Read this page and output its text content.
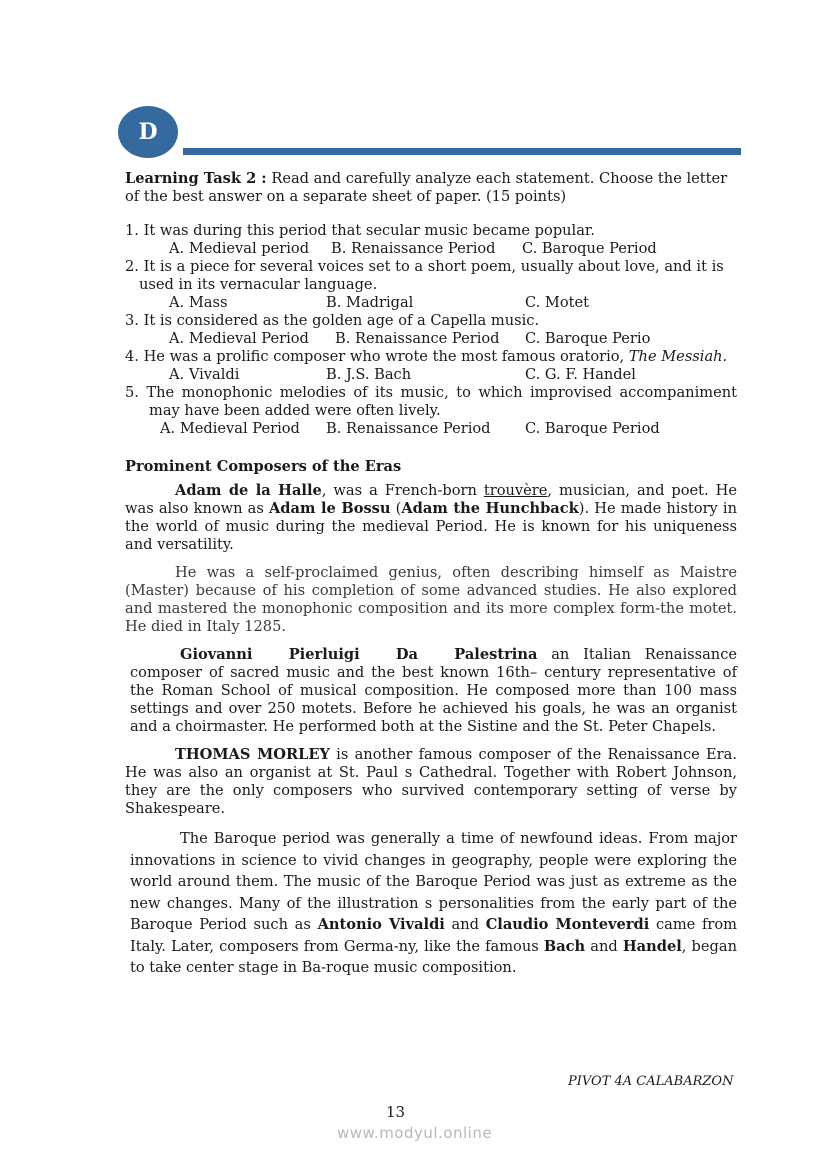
D

Learning Task 2 : Read and carefully analyze each statement. Choose the letter of the best answer on a separate sheet of paper. (15 points)

1. It was during this period that secular music became popular.
A. Medieval period	B. Renaissance Period	C. Baroque Period
2. It is a piece for several voices set to a short poem, usually about love, and it is used in its vernacular language.
A. Mass	B. Madrigal	C. Motet
3. It is considered as the golden age of a Capella music.
A. Medieval Period	B. Renaissance Period	C. Baroque Perio
4. He was a prolific composer who wrote the most famous oratorio, The Messiah.
A. Vivaldi	B. J.S. Bach	C. G. F. Handel
5. The monophonic melodies of its music, to which improvised accompaniment may have been added were often lively.
A. Medieval Period	B. Renaissance Period	C. Baroque Period
Prominent Composers of the Eras

Adam de la Halle, was a French-born trouvère, musician, and poet. He was also known as Adam le Bossu (Adam the Hunchback). He made history in the world of music during the medieval Period. He is known for his uniqueness and versatility.

He was a self-proclaimed genius, often describing himself as Maistre (Master) because of his completion of some advanced studies. He also explored and mastered the monophonic composition and its more complex form-the motet. He died in Italy 1285.

Giovanni Pierluigi Da Palestrina an Italian Renaissance composer of sacred music and the best known 16th– century representative of the Roman School of musical composition. He composed more than 100 mass settings and over 250 motets. Before he achieved his goals, he was an organist and a choirmaster. He performed both at the Sistine and the St. Peter Chapels.

THOMAS MORLEY is another famous composer of the Renaissance Era. He was also an organist at St. Paul s Cathedral. Together with Robert Johnson, they are the only composers who survived contemporary setting of verse by Shakespeare.

The Baroque period was generally a time of newfound ideas. From major innovations in science to vivid changes in geography, people were exploring the world around them. The music of the Baroque Period was just as extreme as the new changes. Many of the illustration s personalities from the early part of the Baroque Period such as Antonio Vivaldi and Claudio Monteverdi came from Italy. Later, composers from Germa-ny, like the famous Bach and Handel, began to take center stage in Ba-roque music composition.

PIVOT 4A CALABARZON
13
www.modyul.online
